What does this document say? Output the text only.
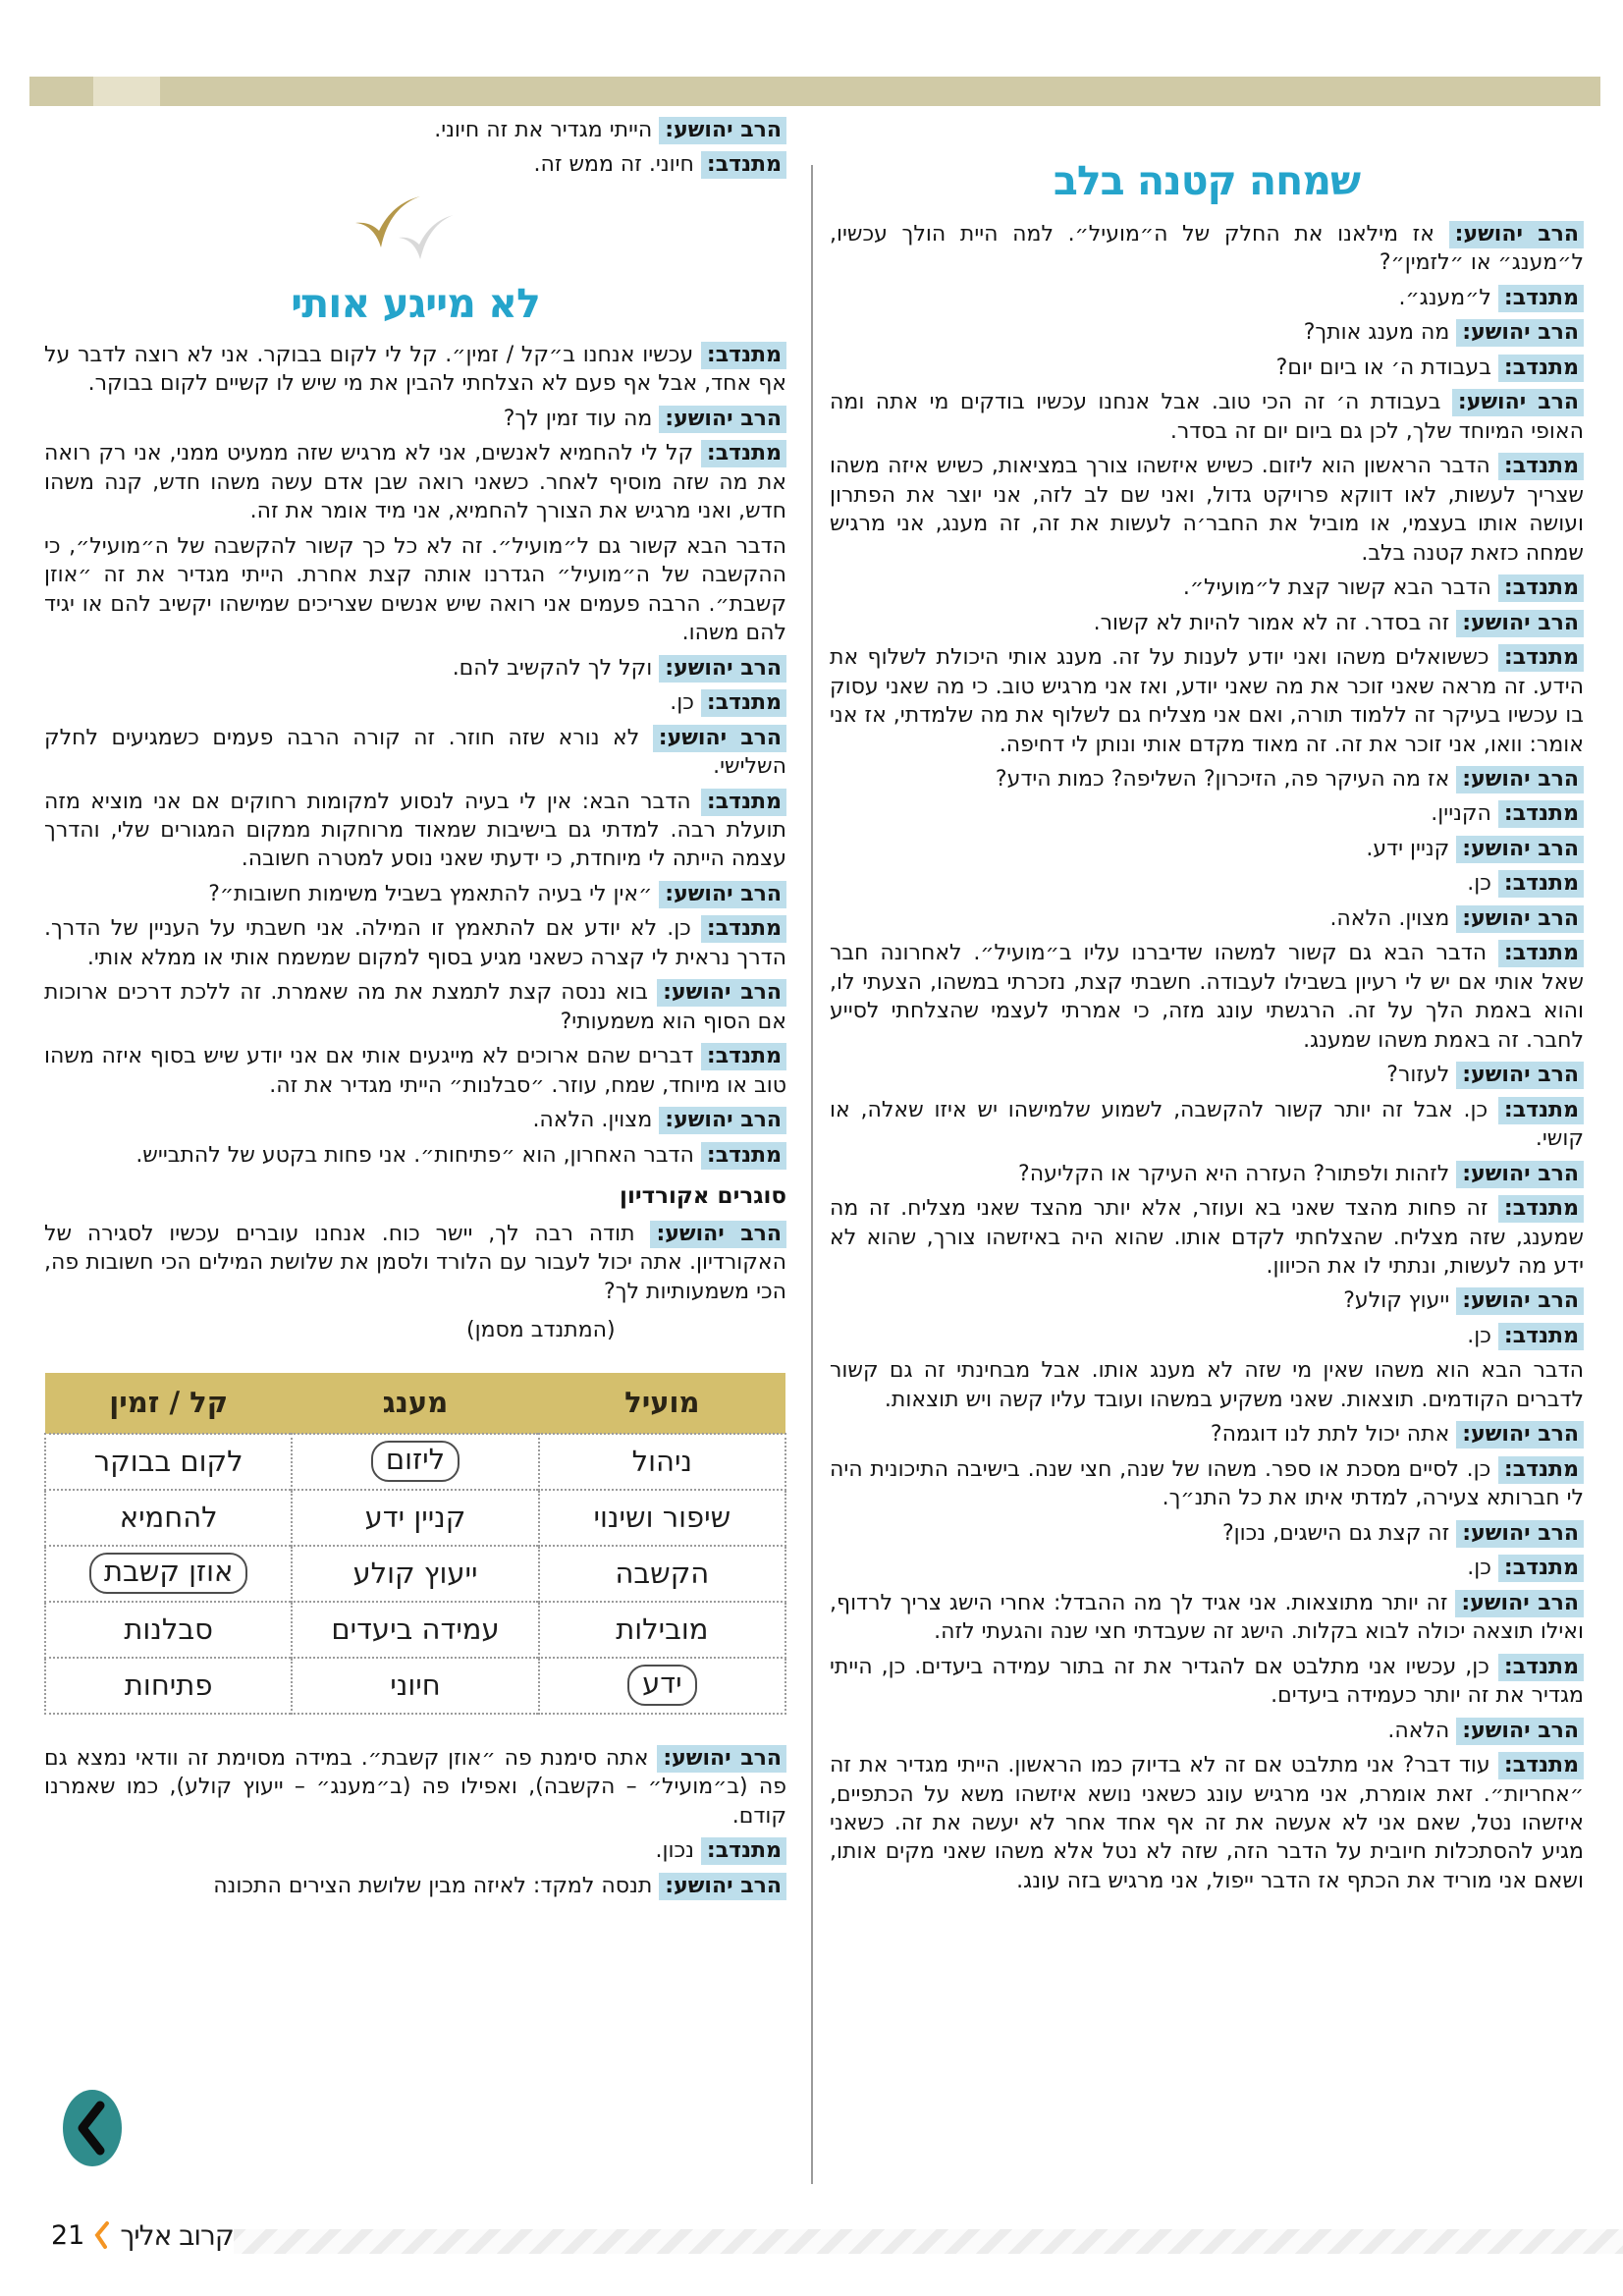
שמחה קטנה בלב

הרב יהושע: אז מילאנו את החלק של ה״מועיל״. למה היית הולך עכשיו, ל״מענג״ או ״לזמין״?

מתנדב: ל״מענג״.

הרב יהושע: מה מענג אותך?

מתנדב: בעבודת ה׳ או ביום יום?

הרב יהושע: בעבודת ה׳ זה הכי טוב. אבל אנחנו עכשיו בודקים מי אתה ומה האופי המיוחד שלך, לכן גם ביום יום זה בסדר.

מתנדב: הדבר הראשון הוא ליזום. כשיש איזשהו צורך במציאות, כשיש איזה משהו שצריך לעשות, לאו דווקא פרויקט גדול, ואני שם לב לזה, אני יוצר את הפתרון ועושה אותו בעצמי, או מוביל את החבר׳ה לעשות את זה, זה מענג, אני מרגיש שמחה כזאת קטנה בלב.

מתנדב: הדבר הבא קשור קצת ל״מועיל״.

הרב יהושע: זה בסדר. זה לא אמור להיות לא קשור.

מתנדב: כששואלים משהו ואני יודע לענות על זה. מענג אותי היכולת לשלוף את הידע. זה מראה שאני זוכר את מה שאני יודע, ואז אני מרגיש טוב. כי מה שאני עסוק בו עכשיו בעיקר זה ללמוד תורה, ואם אני מצליח גם לשלוף את מה שלמדתי, אז אני אומר: וואו, אני זוכר את זה. זה מאוד מקדם אותי ונותן לי דחיפה.

הרב יהושע: אז מה העיקר פה, הזיכרון? השליפה? כמות הידע?

מתנדב: הקניין.

הרב יהושע: קניין ידע.

מתנדב: כן.

הרב יהושע: מצוין. הלאה.

מתנדב: הדבר הבא גם קשור למשהו שדיברנו עליו ב״מועיל״. לאחרונה חבר שאל אותי אם יש לי רעיון בשבילו לעבודה. חשבתי קצת, נזכרתי במשהו, הצעתי לו, והוא באמת הלך על זה. הרגשתי עונג מזה, כי אמרתי לעצמי שהצלחתי לסייע לחבר. זה באמת משהו שמענג.

הרב יהושע: לעזור?

מתנדב: כן. אבל זה יותר קשור להקשבה, לשמוע שלמישהו יש איזו שאלה, או קושי.

הרב יהושע: לזהות ולפתור? העזרה היא העיקר או הקליעה?

מתנדב: זה פחות מהצד שאני בא ועוזר, אלא יותר מהצד שאני מצליח. זה מה שמענג, שזה מצליח. שהצלחתי לקדם אותו. שהוא היה באיזשהו צורך, שהוא לא ידע מה לעשות, ונתתי לו את הכיוון.

הרב יהושע: ייעוץ קולע?

מתנדב: כן.

הדבר הבא הוא משהו שאין מי שזה לא מענג אותו. אבל מבחינתי זה גם קשור לדברים הקודמים. תוצאות. שאני משקיע במשהו ועובד עליו קשה ויש תוצאות.

הרב יהושע: אתה יכול לתת לנו דוגמה?

מתנדב: כן. לסיים מסכת או ספר. משהו של שנה, חצי שנה. בישיבה התיכונית היה לי חברותא צעירה, למדתי איתו את כל התנ״ך.

הרב יהושע: זה קצת גם הישגים, נכון?

מתנדב: כן.

הרב יהושע: זה יותר מתוצאות. אני אגיד לך מה ההבדל: אחרי הישג צריך לרדוף, ואילו תוצאה יכולה לבוא בקלות. הישג זה שעבדתי חצי שנה והגעתי לזה.

מתנדב: כן, עכשיו אני מתלבט אם להגדיר את זה בתור עמידה ביעדים. כן, הייתי מגדיר את זה יותר כעמידה ביעדים.

הרב יהושע: הלאה.

מתנדב: עוד דבר? אני מתלבט אם זה לא בדיוק כמו הראשון. הייתי מגדיר את זה ״אחריות״. זאת אומרת, אני מרגיש עונג כשאני נושא איזשהו משא על הכתפיים, איזשהו נטל, שאם אני לא אעשה את זה אף אחד אחר לא יעשה את זה. כשאני מגיע להסתכלות חיובית על הדבר הזה, שזה לא נטל אלא משהו שאני מקים אותו, ושאם אני מוריד את הכתף אז הדבר ייפול, אני מרגיש בזה עונג.

הרב יהושע: הייתי מגדיר את זה חיוני.

מתנדב: חיוני. זה ממש זה.

לא מייגע אותי

מתנדב: עכשיו אנחנו ב״קל / זמין״. קל לי לקום בבוקר. אני לא רוצה לדבר על אף אחד, אבל אף פעם לא הצלחתי להבין את מי שיש לו קשיים לקום בבוקר.

הרב יהושע: מה עוד זמין לך?

מתנדב: קל לי להחמיא לאנשים, אני לא מרגיש שזה ממעיט ממני, אני רק רואה את מה שזה מוסיף לאחר. כשאני רואה שבן אדם עשה משהו חדש, קנה משהו חדש, ואני מרגיש את הצורך להחמיא, אני מיד אומר את זה.

הדבר הבא קשור גם ל״מועיל״. זה לא כל כך קשור להקשבה של ה״מועיל״, כי ההקשבה של ה״מועיל״ הגדרנו אותה קצת אחרת. הייתי מגדיר את זה ״אוזן קשבת״. הרבה פעמים אני רואה שיש אנשים שצריכים שמישהו יקשיב להם או יגיד להם משהו.

הרב יהושע: וקל לך להקשיב להם.

מתנדב: כן.

הרב יהושע: לא נורא שזה חוזר. זה קורה הרבה פעמים כשמגיעים לחלק השלישי.

מתנדב: הדבר הבא: אין לי בעיה לנסוע למקומות רחוקים אם אני מוציא מזה תועלת רבה. למדתי גם בישיבות שמאוד מרוחקות ממקום המגורים שלי, והדרך עצמה הייתה לי מיוחדת, כי ידעתי שאני נוסע למטרה חשובה.

הרב יהושע: ״אין לי בעיה להתאמץ בשביל משימות חשובות״?

מתנדב: כן. לא יודע אם להתאמץ זו המילה. אני חשבתי על העניין של הדרך. הדרך נראית לי קצרה כשאני מגיע בסוף למקום שמשמח אותי או ממלא אותי.

הרב יהושע: בוא ננסה קצת לתמצת את מה שאמרת. זה ללכת דרכים ארוכות אם הסוף הוא משמעותי?

מתנדב: דברים שהם ארוכים לא מייגעים אותי אם אני יודע שיש בסוף איזה משהו טוב או מיוחד, שמח, עוזר. ״סבלנות״ הייתי מגדיר את זה.

הרב יהושע: מצוין. הלאה.

מתנדב: הדבר האחרון, הוא ״פתיחות״. אני פחות בקטע של להתבייש.

סוגרים אקורדיון

הרב יהושע: תודה רבה לך, יישר כוח. אנחנו עוברים עכשיו לסגירה של האקורדיון. אתה יכול לעבור עם הלורד ולסמן את שלושת המילים הכי חשובות פה, הכי משמעותיות לך?

(המתנדב מסמן)

מועיל	מענג	קל / זמין
ניהול	ליזום	לקום בבוקר
שיפור ושינוי	קניין ידע	להחמיא
הקשבה	ייעוץ קולע	אוזן קשבת
מובילות	עמידה ביעדים	סבלנות
ידע	חיוני	פתיחות

הרב יהושע: אתה סימנת פה ״אוזן קשבת״. במידה מסוימת זה וודאי נמצא גם פה (ב״מועיל״ – הקשבה), ואפילו פה (ב״מענג״ – ייעוץ קולע), כמו שאמרנו קודם.

מתנדב: נכון.

הרב יהושע: תנסה למקד: לאיזה מבין שלושת הצירים התכונה

21 קרוב אליך
